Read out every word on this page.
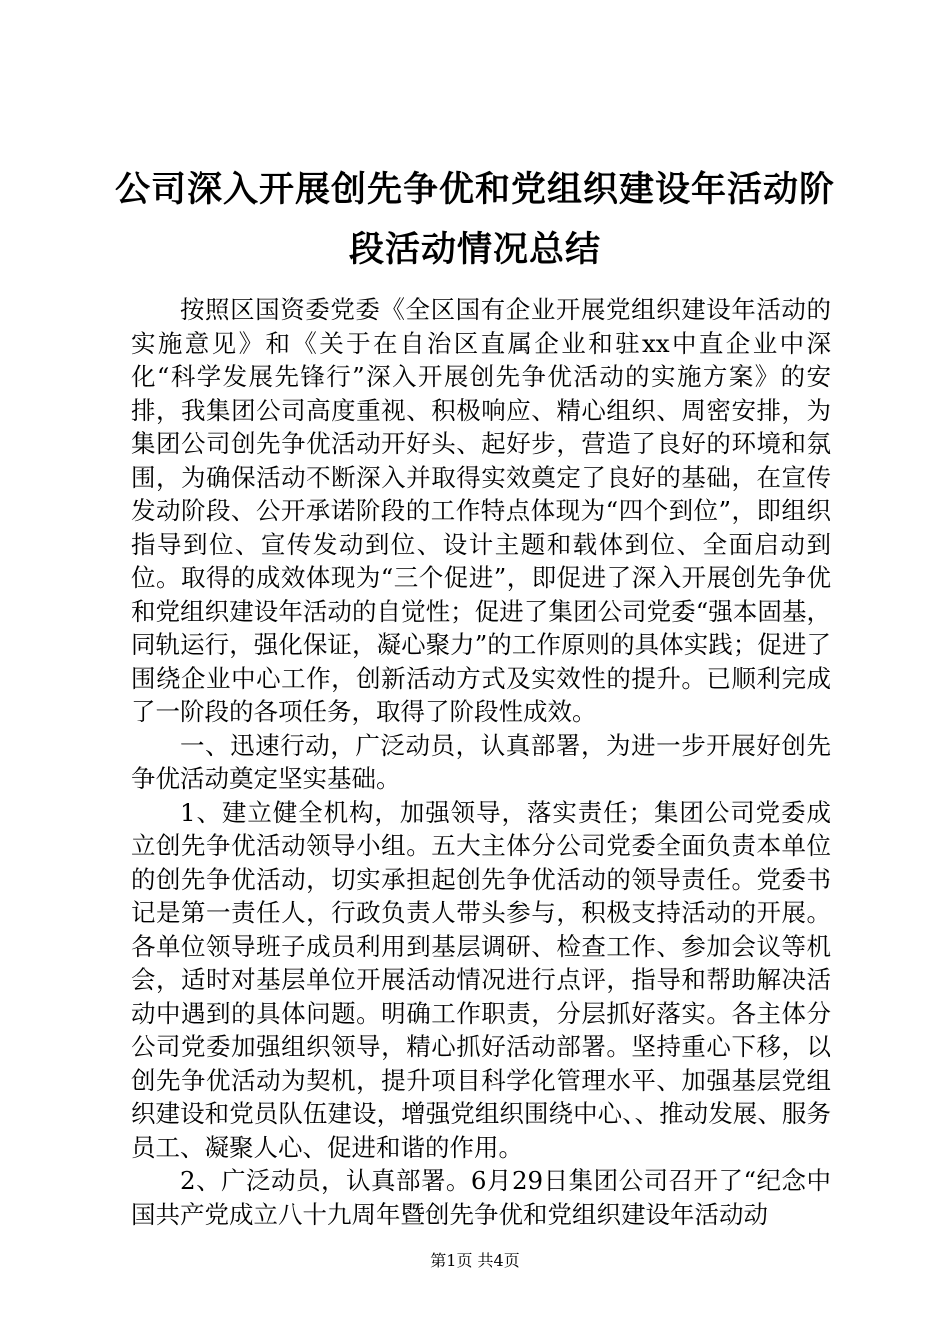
公司深入开展创先争优和党组织建设年活动阶
段活动情况总结

按照区国资委党委《全区国有企业开展党组织建设年活动的实施意见》和《关于在自治区直属企业和驻xx中直企业中深化“科学发展先锋行”深入开展创先争优活动的实施方案》的安排，我集团公司高度重视、积极响应、精心组织、周密安排，为集团公司创先争优活动开好头、起好步，营造了良好的环境和氛围，为确保活动不断深入并取得实效奠定了良好的基础，在宣传发动阶段、公开承诺阶段的工作特点体现为“四个到位”，即组织指导到位、宣传发动到位、设计主题和载体到位、全面启动到位。取得的成效体现为“三个促进”，即促进了深入开展创先争优和党组织建设年活动的自觉性；促进了集团公司党委“强本固基，同轨运行，强化保证，凝心聚力”的工作原则的具体实践；促进了围绕企业中心工作，创新活动方式及实效性的提升。已顺利完成了一阶段的各项任务，取得了阶段性成效。

一、迅速行动，广泛动员，认真部署，为进一步开展好创先争优活动奠定坚实基础。

1、建立健全机构，加强领导，落实责任；集团公司党委成立创先争优活动领导小组。五大主体分公司党委全面负责本单位的创先争优活动，切实承担起创先争优活动的领导责任。党委书记是第一责任人，行政负责人带头参与，积极支持活动的开展。各单位领导班子成员利用到基层调研、检查工作、参加会议等机会，适时对基层单位开展活动情况进行点评，指导和帮助解决活动中遇到的具体问题。明确工作职责，分层抓好落实。各主体分公司党委加强组织领导，精心抓好活动部署。坚持重心下移，以创先争优活动为契机，提升项目科学化管理水平、加强基层党组织建设和党员队伍建设，增强党组织围绕中心、、推动发展、服务员工、凝聚人心、促进和谐的作用。

2、广泛动员，认真部署。6月29日集团公司召开了“纪念中国共产党成立八十九周年暨创先争优和党组织建设年活动动

第1页 共4页
